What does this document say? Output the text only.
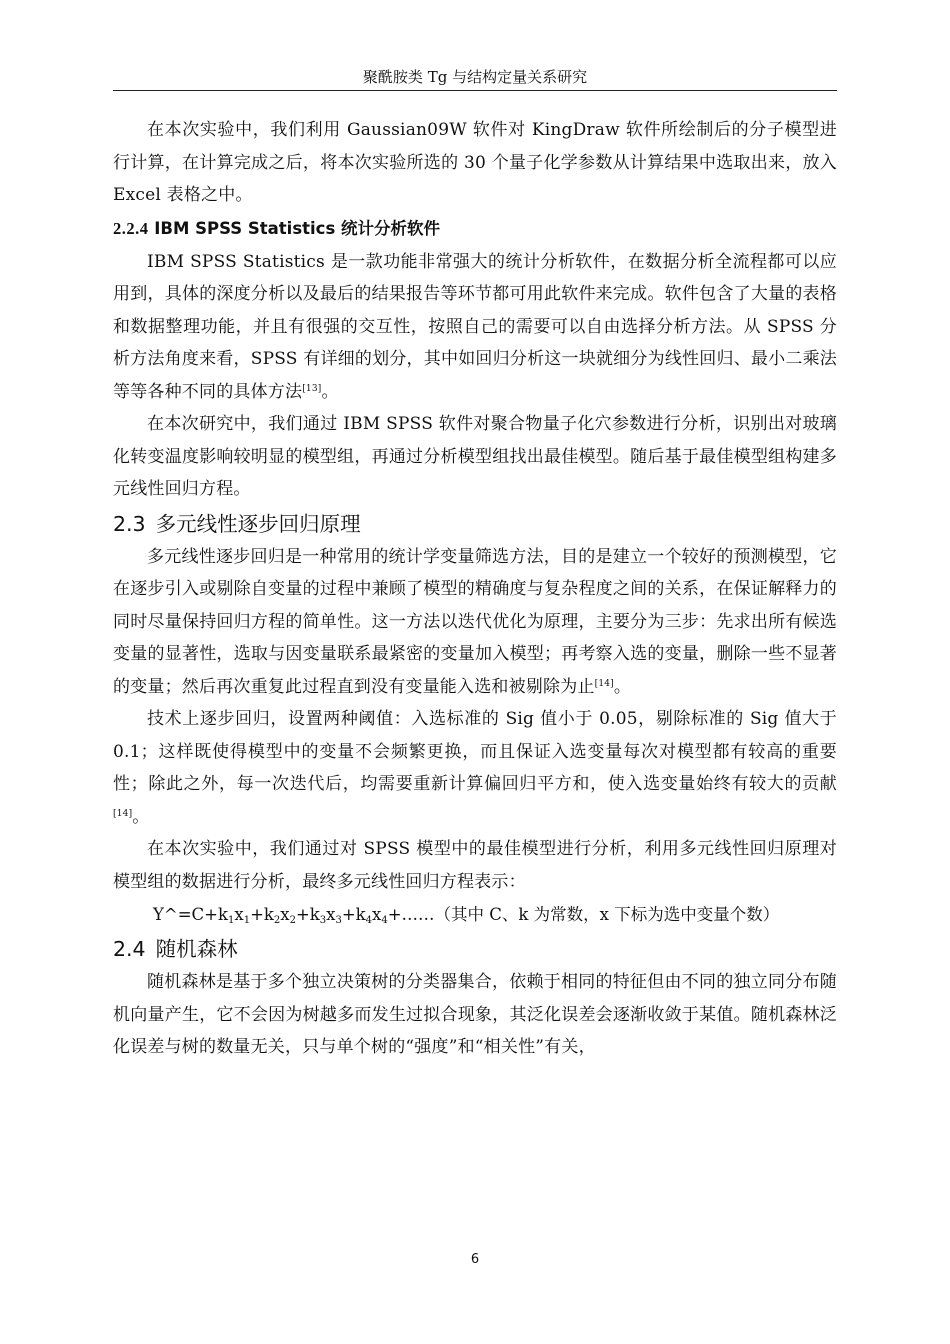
聚酰胺类 Tg 与结构定量关系研究

在本次实验中，我们利用 Gaussian09W 软件对 KingDraw 软件所绘制后的分子模型进行计算，在计算完成之后，将本次实验所选的 30 个量子化学参数从计算结果中选取出来，放入 Excel 表格之中。

2.2.4 IBM SPSS Statistics 统计分析软件

IBM SPSS Statistics 是一款功能非常强大的统计分析软件，在数据分析全流程都可以应用到，具体的深度分析以及最后的结果报告等环节都可用此软件来完成。软件包含了大量的表格和数据整理功能，并且有很强的交互性，按照自己的需要可以自由选择分析方法。从 SPSS 分析方法角度来看，SPSS 有详细的划分，其中如回归分析这一块就细分为线性回归、最小二乘法等等各种不同的具体方法[13]。

在本次研究中，我们通过 IBM SPSS 软件对聚合物量子化穴参数进行分析，识别出对玻璃化转变温度影响较明显的模型组，再通过分析模型组找出最佳模型。随后基于最佳模型组构建多元线性回归方程。

2.3 多元线性逐步回归原理

多元线性逐步回归是一种常用的统计学变量筛选方法，目的是建立一个较好的预测模型，它在逐步引入或剔除自变量的过程中兼顾了模型的精确度与复杂程度之间的关系，在保证解释力的同时尽量保持回归方程的简单性。这一方法以迭代优化为原理，主要分为三步：先求出所有候选变量的显著性，选取与因变量联系最紧密的变量加入模型；再考察入选的变量，删除一些不显著的变量；然后再次重复此过程直到没有变量能入选和被剔除为止[14]。

技术上逐步回归，设置两种阈值：入选标准的 Sig 值小于 0.05，剔除标准的 Sig 值大于 0.1；这样既使得模型中的变量不会频繁更换，而且保证入选变量每次对模型都有较高的重要性；除此之外，每一次迭代后，均需要重新计算偏回归平方和，使入选变量始终有较大的贡献[14]。

在本次实验中，我们通过对 SPSS 模型中的最佳模型进行分析，利用多元线性回归原理对模型组的数据进行分析，最终多元线性回归方程表示：

$Y\^{}=C+k_1x_1+k_2x_2+k_3x_3+k_4x_4+\dots\dots$（其中 C、k 为常数，x 下标为选中变量个数）

2.4 随机森林

随机森林是基于多个独立决策树的分类器集合，依赖于相同的特征但由不同的独立同分布随机向量产生，它不会因为树越多而发生过拟合现象，其泛化误差会逐渐收敛于某值。随机森林泛化误差与树的数量无关，只与单个树的“强度”和“相关性”有关，

6
